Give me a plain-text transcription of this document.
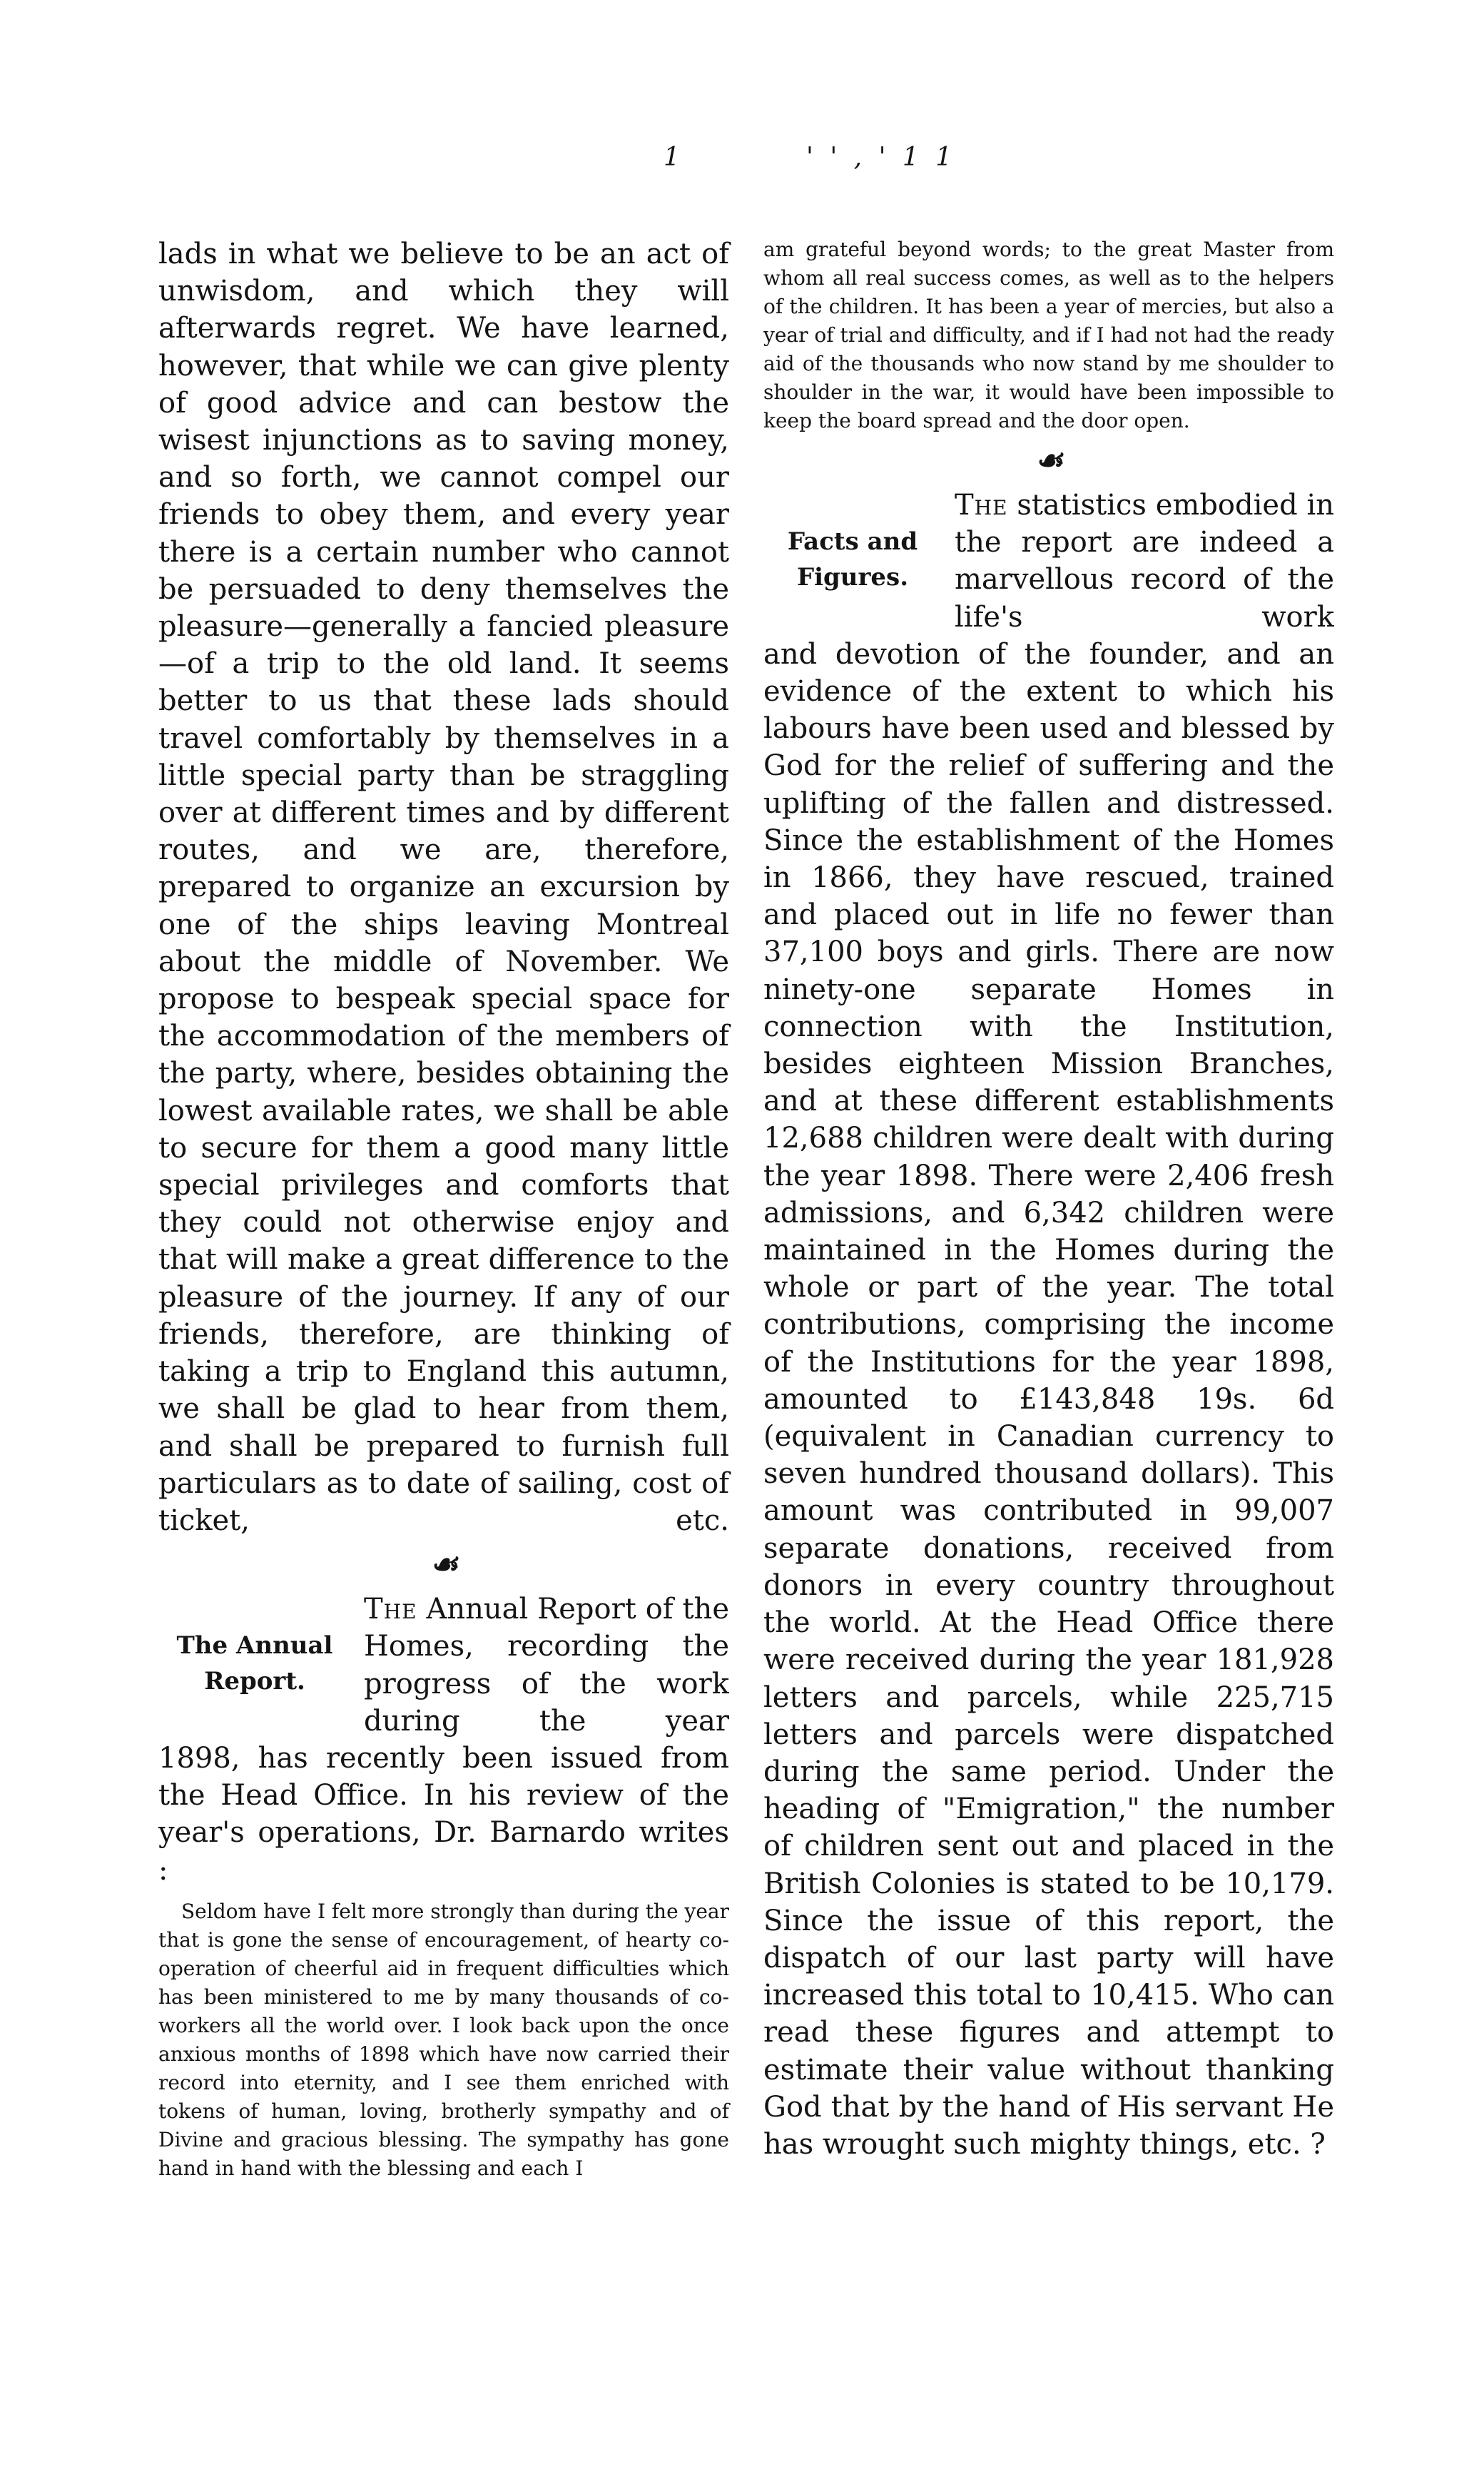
1	' ' , ' 1 1

lads in what we believe to be an act of unwisdom, and which they will afterwards regret. We have learned, however, that while we can give plenty of good advice and can bestow the wisest injunctions as to saving money, and so forth, we cannot compel our friends to obey them, and every year there is a certain number who cannot be persuaded to deny themselves the pleasure—generally a fancied pleasure—of a trip to the old land. It seems better to us that these lads should travel comfortably by themselves in a little special party than be straggling over at different times and by different routes, and we are, therefore, prepared to organize an excursion by one of the ships leaving Montreal about the middle of November. We propose to bespeak special space for the accommodation of the members of the party, where, besides obtaining the lowest available rates, we shall be able to secure for them a good many little special privileges and comforts that they could not otherwise enjoy and that will make a great difference to the pleasure of the journey. If any of our friends, therefore, are thinking of taking a trip to England this autumn, we shall be glad to hear from them, and shall be prepared to furnish full particulars as to date of sailing, cost of ticket, etc.

☙
The Annual
Report.

The Annual Report of the Homes, recording the progress of the work during the year

1898, has recently been issued from the Head Office. In his review of the year's operations, Dr. Barnardo writes :

Seldom have I felt more strongly than during the year that is gone the sense of encouragement, of hearty co-operation of cheerful aid in frequent difficulties which has been ministered to me by many thousands of co-workers all the world over. I look back upon the once anxious months of 1898 which have now carried their record into eternity, and I see them enriched with tokens of human, loving, brotherly sympathy and of Divine and gracious blessing. The sympathy has gone hand in hand with the blessing and each I

am grateful beyond words; to the great Master from whom all real success comes, as well as to the helpers of the children. It has been a year of mercies, but also a year of trial and difficulty, and if I had not had the ready aid of the thousands who now stand by me shoulder to shoulder in the war, it would have been impossible to keep the board spread and the door open.

☙
Facts and
Figures.

The statistics embodied in the report are indeed a marvellous record of the life's work

and devotion of the founder, and an evidence of the extent to which his labours have been used and blessed by God for the relief of suffering and the uplifting of the fallen and distressed. Since the establishment of the Homes in 1866, they have rescued, trained and placed out in life no fewer than 37,100 boys and girls. There are now ninety-one separate Homes in connection with the Institution, besides eighteen Mission Branches, and at these different establishments 12,688 children were dealt with during the year 1898. There were 2,406 fresh admissions, and 6,342 children were maintained in the Homes during the whole or part of the year. The total contributions, comprising the income of the Institutions for the year 1898, amounted to £143,848 19s. 6d (equivalent in Canadian currency to seven hundred thousand dollars). This amount was contributed in 99,007 separate donations, received from donors in every country throughout the world. At the Head Office there were received during the year 181,928 letters and parcels, while 225,715 letters and parcels were dispatched during the same period. Under the heading of "Emigration," the number of children sent out and placed in the British Colonies is stated to be 10,179. Since the issue of this report, the dispatch of our last party will have increased this total to 10,415. Who can read these figures and attempt to estimate their value without thanking God that by the hand of His servant He has wrought such mighty things, etc. ?
